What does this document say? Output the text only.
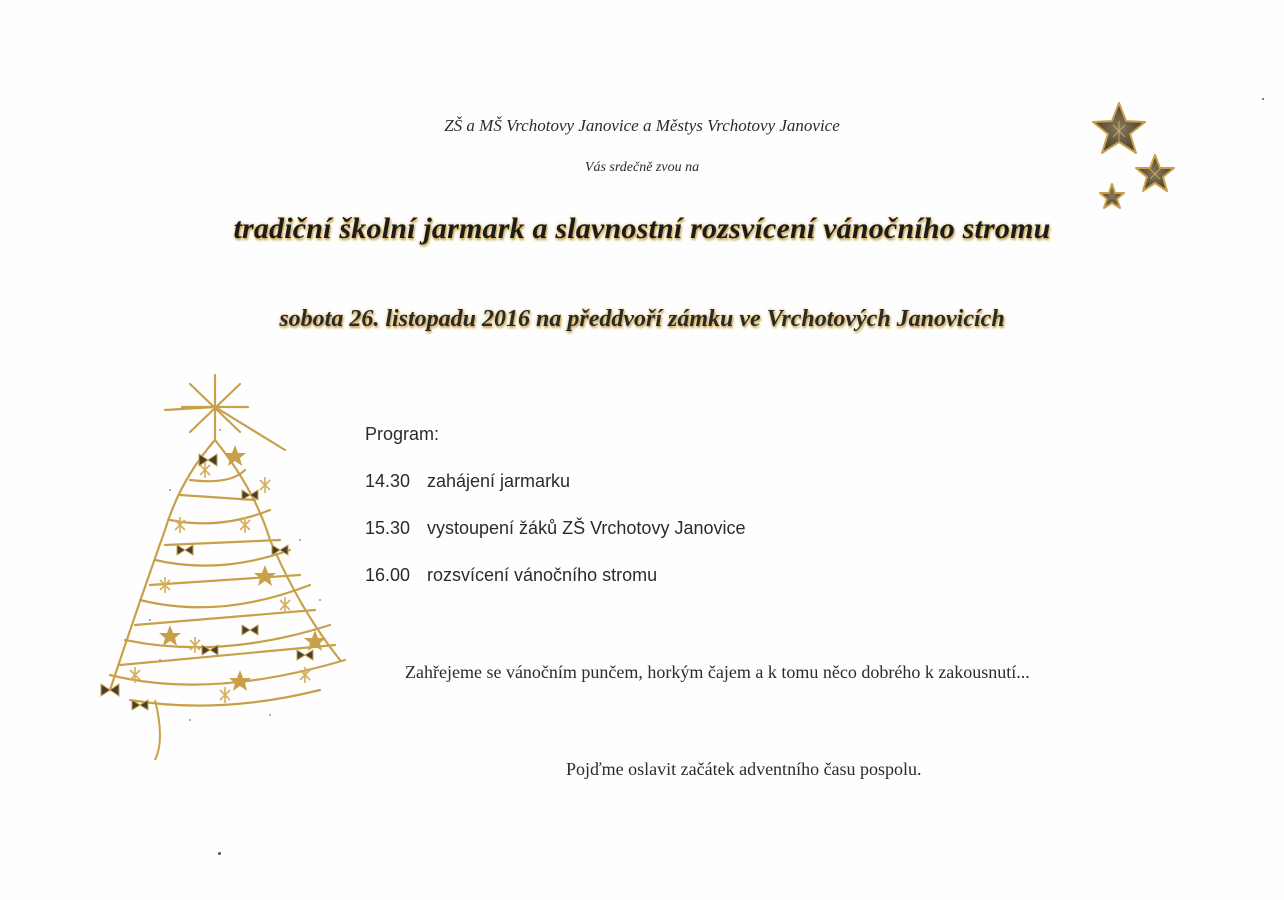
ZŠ a MŠ Vrchotovy Janovice a Městys Vrchotovy Janovice
Vás srdečně zvou na
tradiční školní jarmark a slavnostní rozsvícení vánočního stromu
sobota 26. listopadu 2016 na předdvoří zámku ve Vrchotových Janovicích
Program:
14.30 zahájení jarmarku
15.30 vystoupení žáků ZŠ Vrchotovy Janovice
16.00 rozsvícení vánočního stromu
Zahřejeme se vánočním punčem, horkým čajem a k tomu něco dobrého k zakousnutí...
Pojďme oslavit začátek adventního času pospolu.
